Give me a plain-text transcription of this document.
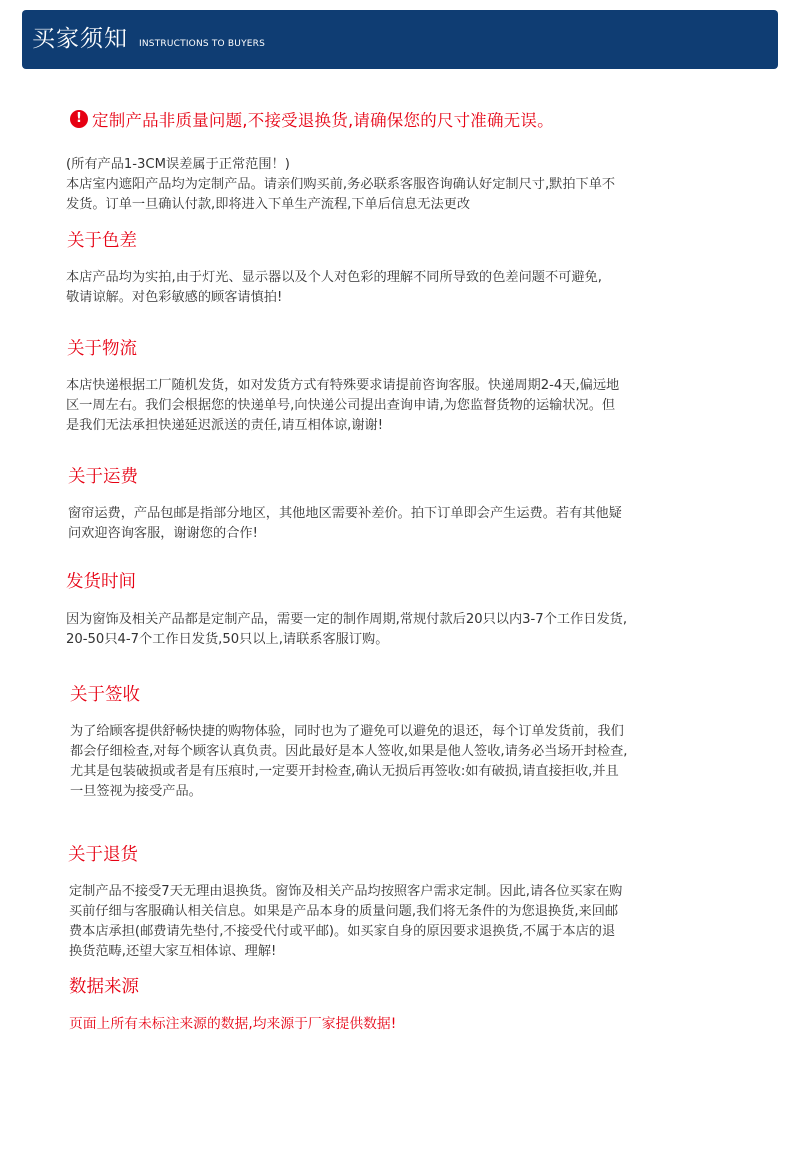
买家须知 INSTRUCTIONS TO BUYERS
! 定制产品非质量问题,不接受退换货,请确保您的尺寸准确无误。

(所有产品1-3CM误差属于正常范围！)

本店室内遮阳产品均为定制产品。请亲们购买前,务必联系客服咨询确认好定制尺寸,默拍下单不

发货。订单一旦确认付款,即将进入下单生产流程,下单后信息无法更改

关于色差

本店产品均为实拍,由于灯光、显示器以及个人对色彩的理解不同所导致的色差问题不可避免,

敬请谅解。对色彩敏感的顾客请慎拍!

关于物流

本店快递根据工厂随机发货，如对发货方式有特殊要求请提前咨询客服。快递周期2-4天,偏远地

区一周左右。我们会根据您的快递单号,向快递公司提出查询申请,为您监督货物的运输状况。但

是我们无法承担快递延迟派送的责任,请互相体谅,谢谢!

关于运费

窗帘运费，产品包邮是指部分地区，其他地区需要补差价。拍下订单即会产生运费。若有其他疑

问欢迎咨询客服，谢谢您的合作!

发货时间

因为窗饰及相关产品都是定制产品，需要一定的制作周期,常规付款后20只以内3-7个工作日发货,

20-50只4-7个工作日发货,50只以上,请联系客服订购。

关于签收

为了给顾客提供舒畅快捷的购物体验，同时也为了避免可以避免的退还，每个订单发货前，我们

都会仔细检查,对每个顾客认真负责。因此最好是本人签收,如果是他人签收,请务必当场开封检查,

尤其是包装破损或者是有压痕时,一定要开封检查,确认无损后再签收:如有破损,请直接拒收,并且

一旦签视为接受产品。

关于退货

定制产品不接受7天无理由退换货。窗饰及相关产品均按照客户需求定制。因此,请各位买家在购

买前仔细与客服确认相关信息。如果是产品本身的质量问题,我们将无条件的为您退换货,来回邮

费本店承担(邮费请先垫付,不接受代付或平邮)。如买家自身的原因要求退换货,不属于本店的退

换货范畴,还望大家互相体谅、理解!

数据来源
页面上所有未标注来源的数据,均来源于厂家提供数据!
